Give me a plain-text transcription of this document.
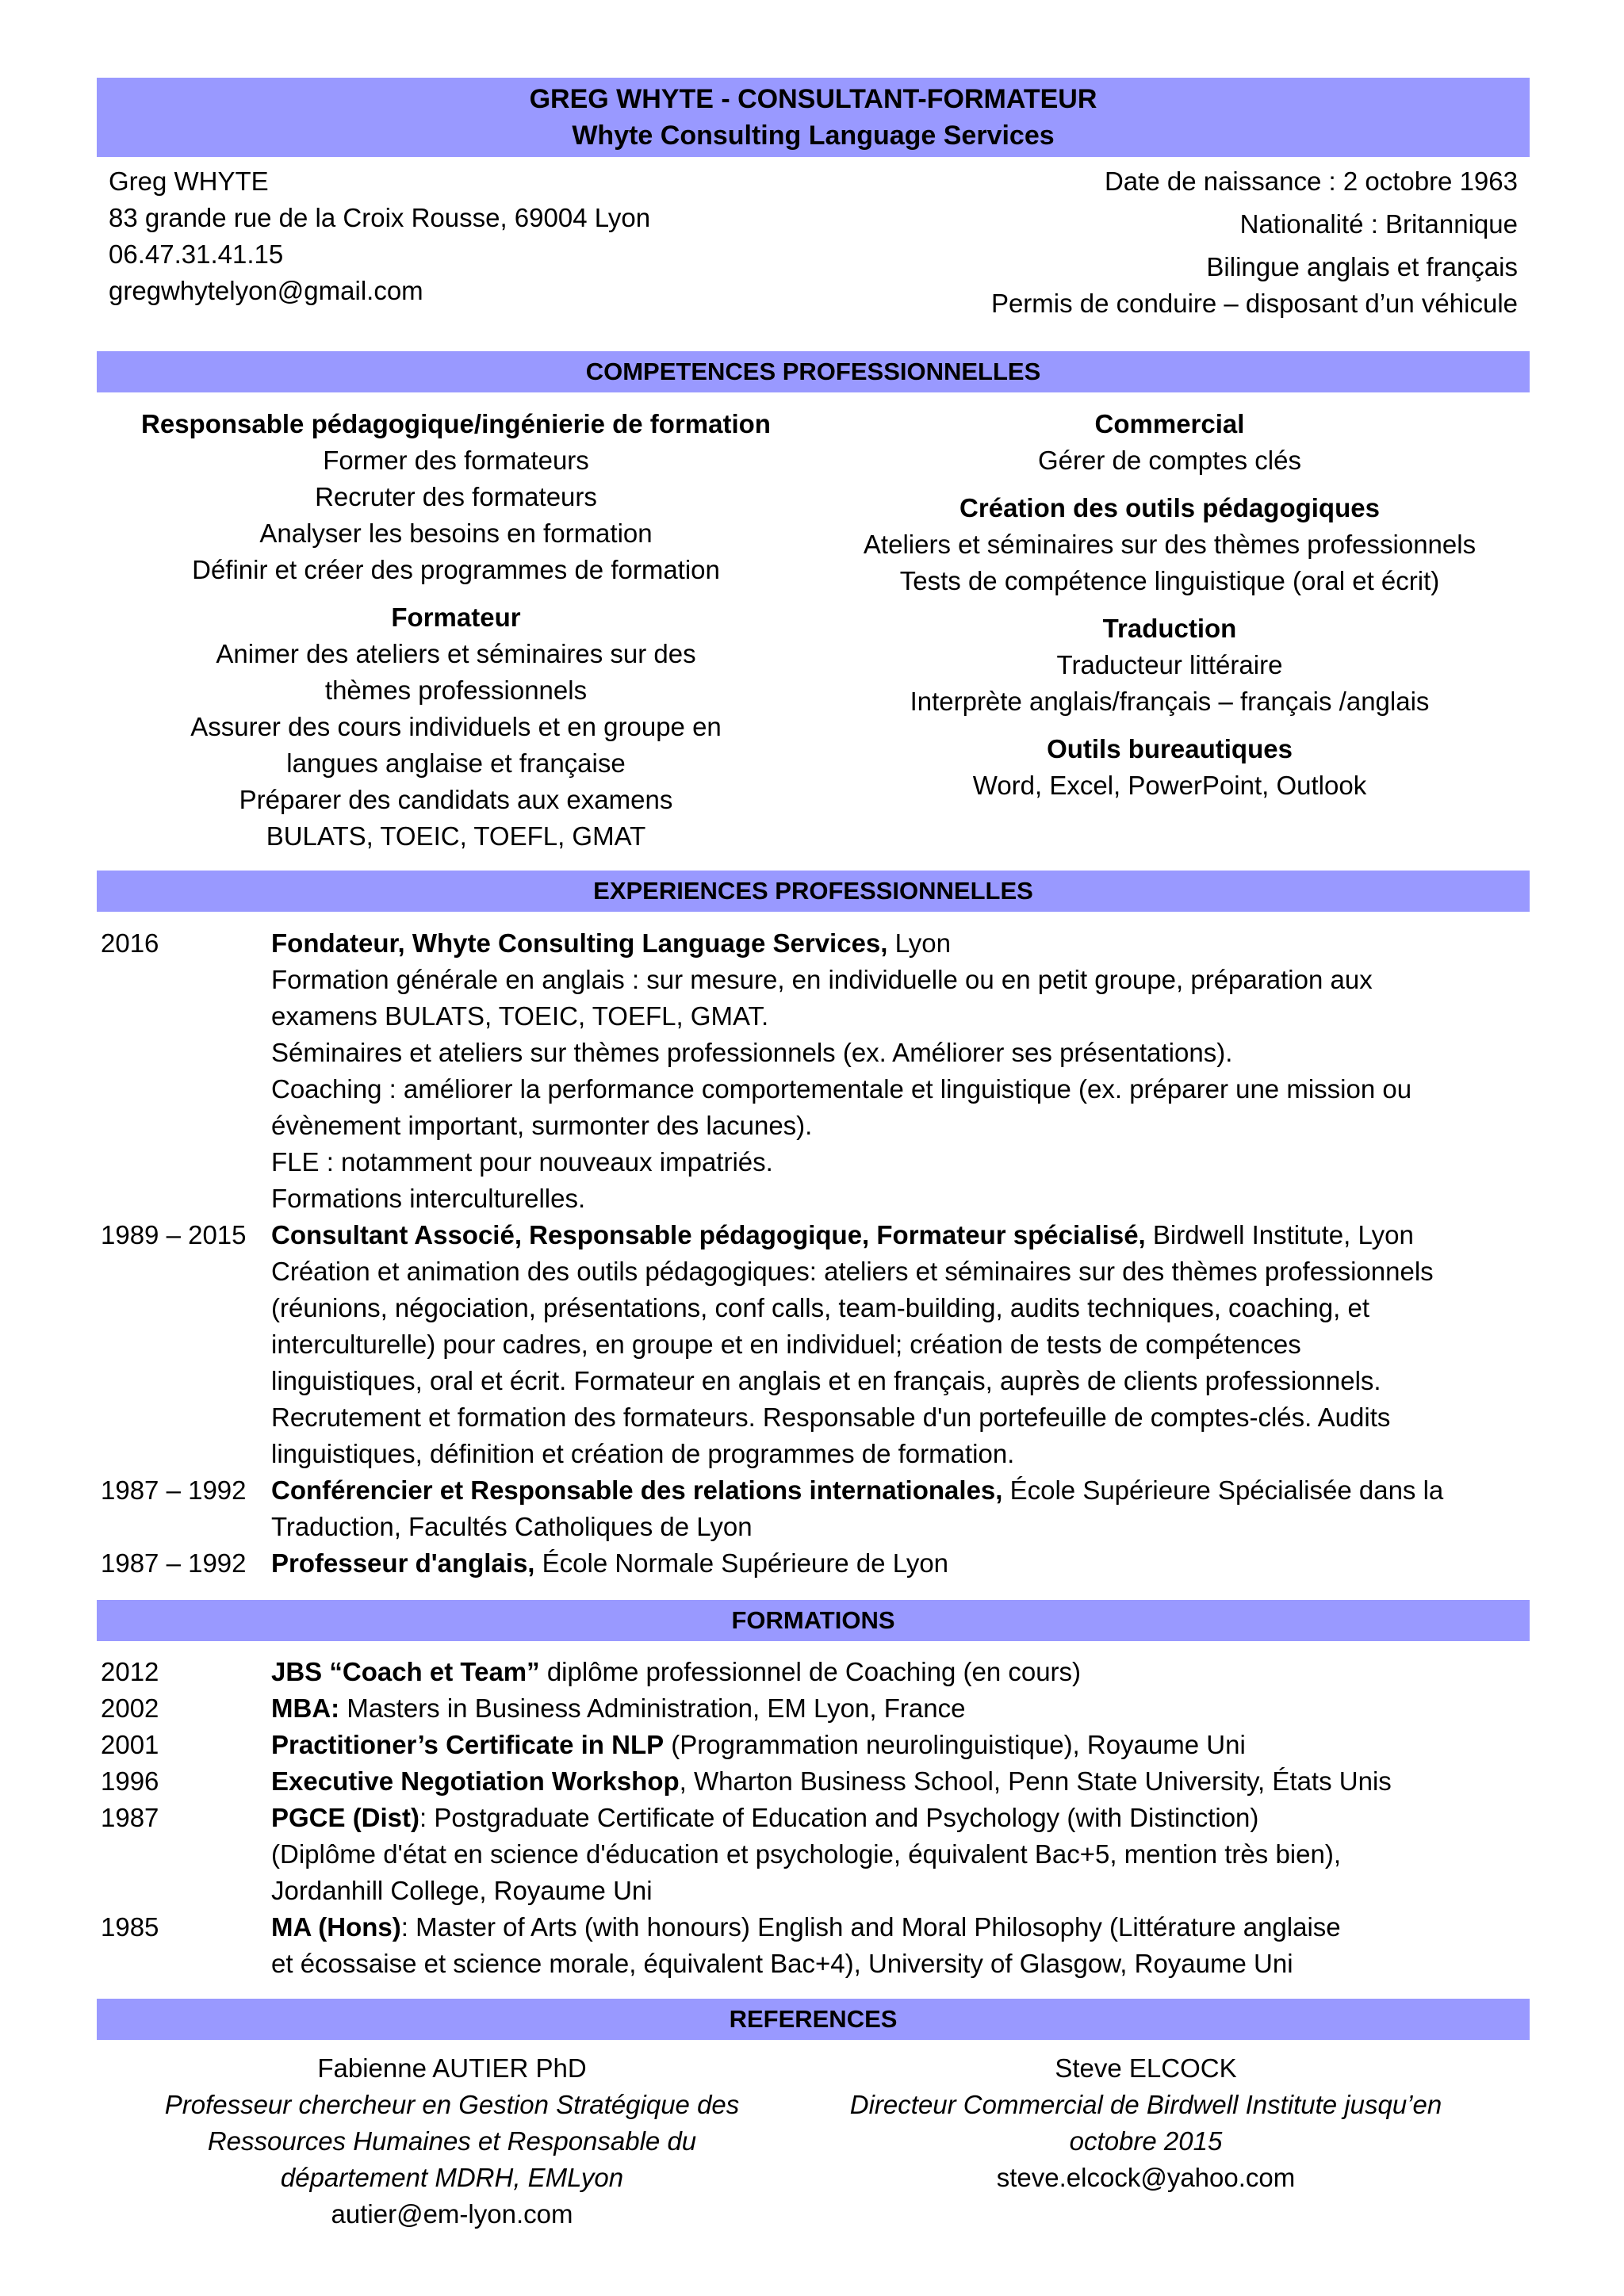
GREG WHYTE - CONSULTANT-FORMATEUR
Whyte Consulting Language Services
Greg WHYTE
83 grande rue de la Croix Rousse, 69004 Lyon
06.47.31.41.15
gregwhytelyon@gmail.com
Date de naissance : 2 octobre 1963
Nationalité : Britannique
Bilingue anglais et français
Permis de conduire – disposant d’un véhicule
COMPETENCES PROFESSIONNELLES
Responsable pédagogique/ingénierie de formation
Former des formateurs
Recruter des formateurs
Analyser les besoins en formation
Définir et créer des programmes de formation
Formateur
Animer des ateliers et séminaires sur des
thèmes professionnels
Assurer des cours individuels et en groupe en
langues anglaise et française
Préparer des candidats aux examens
BULATS, TOEIC, TOEFL, GMAT
Commercial
Gérer de comptes clés
Création des outils pédagogiques
Ateliers et séminaires sur des thèmes professionnels
Tests de compétence linguistique (oral et écrit)
Traduction
Traducteur littéraire
Interprète anglais/français – français /anglais
Outils bureautiques
Word, Excel, PowerPoint, Outlook
EXPERIENCES PROFESSIONNELLES
2016	Fondateur, Whyte Consulting Language Services, Lyon
Formation générale en anglais : sur mesure, en individuelle ou en petit groupe, préparation aux
examens BULATS, TOEIC, TOEFL, GMAT.
Séminaires et ateliers sur thèmes professionnels (ex. Améliorer ses présentations).
Coaching : améliorer la performance comportementale et linguistique (ex. préparer une mission ou
évènement important, surmonter des lacunes).
FLE : notamment pour nouveaux impatriés.
Formations interculturelles.
1989 – 2015 Consultant Associé, Responsable pédagogique, Formateur spécialisé, Birdwell Institute, Lyon
Création et animation des outils pédagogiques: ateliers et séminaires sur des thèmes professionnels
(réunions, négociation, présentations, conf calls, team-building, audits techniques, coaching, et
interculturelle) pour cadres, en groupe et en individuel; création de tests de compétences
linguistiques, oral et écrit. Formateur en anglais et en français, auprès de clients professionnels.
Recrutement et formation des formateurs. Responsable d'un portefeuille de comptes-clés. Audits
linguistiques, définition et création de programmes de formation.
1987 – 1992 Conférencier et Responsable des relations internationales, École Supérieure Spécialisée dans la
Traduction, Facultés Catholiques de Lyon
1987 – 1992 Professeur d'anglais, École Normale Supérieure de Lyon
FORMATIONS
2012	JBS “Coach et Team” diplôme professionnel de Coaching (en cours)
2002	MBA: Masters in Business Administration, EM Lyon, France
2001	Practitioner’s Certificate in NLP (Programmation neurolinguistique), Royaume Uni
1996	Executive Negotiation Workshop, Wharton Business School, Penn State University, États Unis
1987	PGCE (Dist): Postgraduate Certificate of Education and Psychology (with Distinction)
(Diplôme d'état en science d'éducation et psychologie, équivalent Bac+5, mention très bien),
Jordanhill College, Royaume Uni
1985	MA (Hons): Master of Arts (with honours) English and Moral Philosophy (Littérature anglaise
et écossaise et science morale, équivalent Bac+4), University of Glasgow, Royaume Uni
REFERENCES
Fabienne AUTIER PhD
Professeur chercheur en Gestion Stratégique des
Ressources Humaines et Responsable du
département MDRH, EMLyon
autier@em-lyon.com
Steve ELCOCK
Directeur Commercial de Birdwell Institute jusqu’en
octobre 2015
steve.elcock@yahoo.com
